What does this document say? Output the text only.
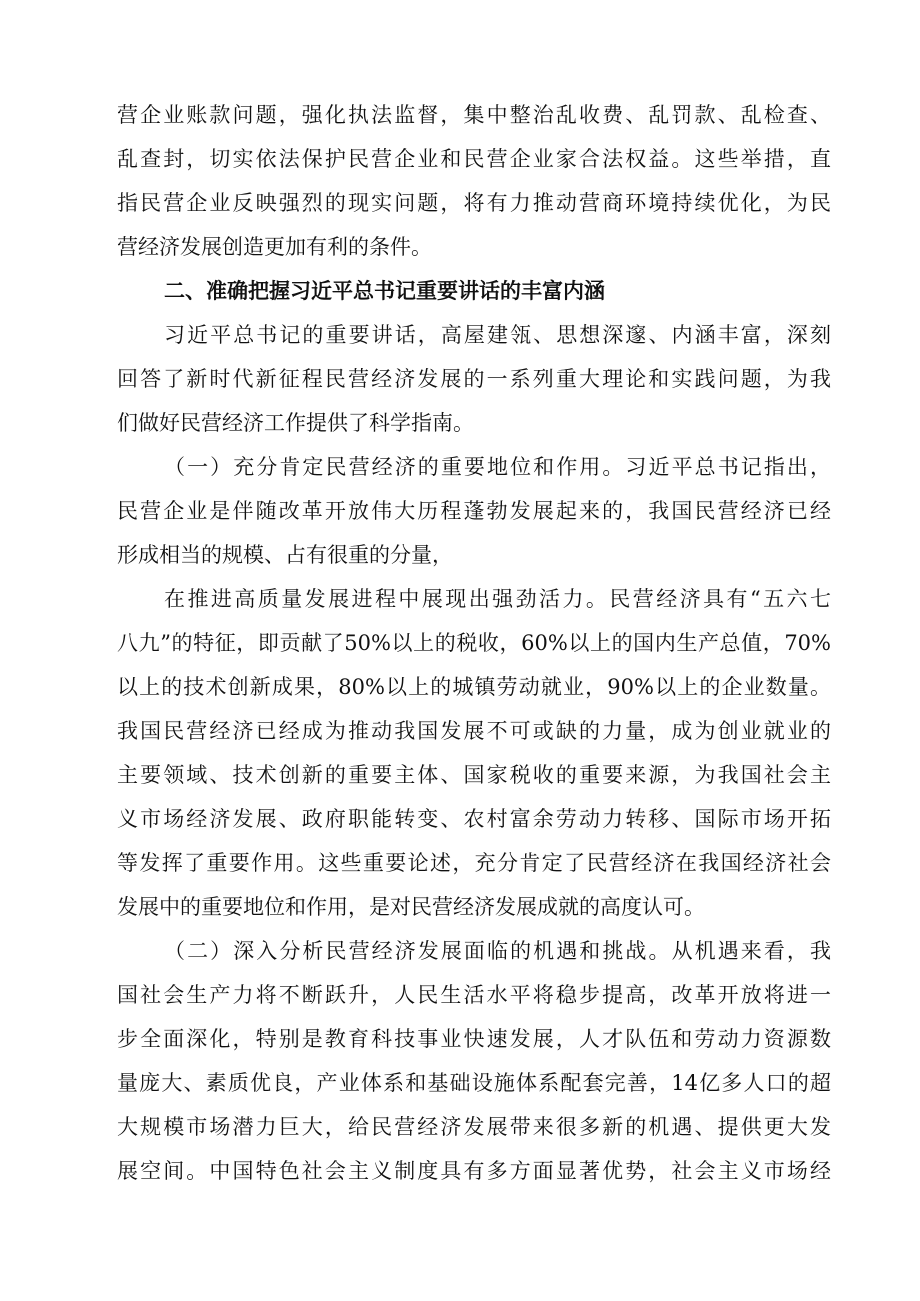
营企业账款问题，强化执法监督，集中整治乱收费、乱罚款、乱检查、
乱查封，切实依法保护民营企业和民营企业家合法权益。这些举措，直
指民营企业反映强烈的现实问题，将有力推动营商环境持续优化，为民
营经济发展创造更加有利的条件。
二、准确把握习近平总书记重要讲话的丰富内涵
习近平总书记的重要讲话，高屋建瓴、思想深邃、内涵丰富，深刻
回答了新时代新征程民营经济发展的一系列重大理论和实践问题，为我
们做好民营经济工作提供了科学指南。
（一）充分肯定民营经济的重要地位和作用。习近平总书记指出，
民营企业是伴随改革开放伟大历程蓬勃发展起来的，我国民营经济已经
形成相当的规模、占有很重的分量，
在推进高质量发展进程中展现出强劲活力。民营经济具有“五六七
八九”的特征，即贡献了50%以上的税收，60%以上的国内生产总值，70%
以上的技术创新成果，80%以上的城镇劳动就业，90%以上的企业数量。
我国民营经济已经成为推动我国发展不可或缺的力量，成为创业就业的
主要领域、技术创新的重要主体、国家税收的重要来源，为我国社会主
义市场经济发展、政府职能转变、农村富余劳动力转移、国际市场开拓
等发挥了重要作用。这些重要论述，充分肯定了民营经济在我国经济社会
发展中的重要地位和作用，是对民营经济发展成就的高度认可。
（二）深入分析民营经济发展面临的机遇和挑战。从机遇来看，我
国社会生产力将不断跃升，人民生活水平将稳步提高，改革开放将进一
步全面深化，特别是教育科技事业快速发展，人才队伍和劳动力资源数
量庞大、素质优良，产业体系和基础设施体系配套完善，14亿多人口的超
大规模市场潜力巨大，给民营经济发展带来很多新的机遇、提供更大发
展空间。中国特色社会主义制度具有多方面显著优势，社会主义市场经
